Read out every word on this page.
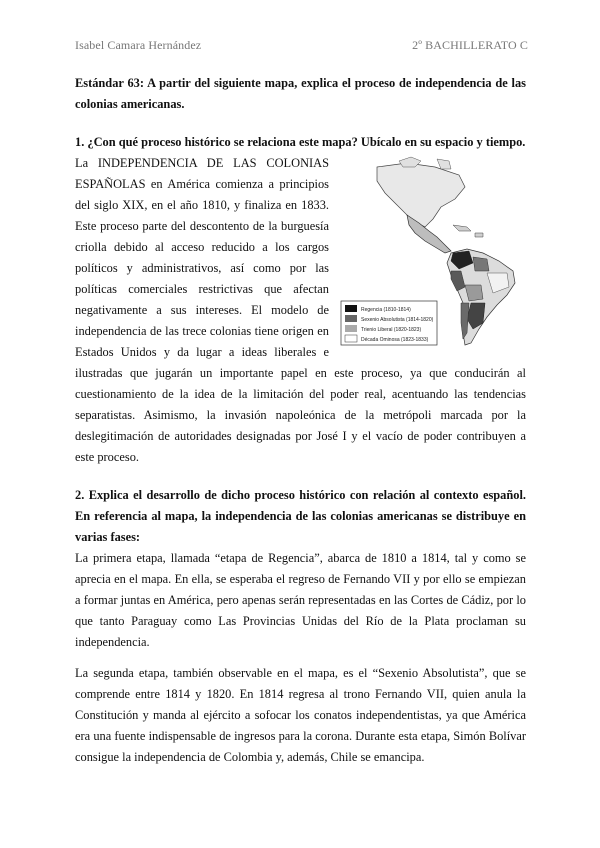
Isabel Camara Hernández	2º BACHILLERATO C

Estándar 63: A partir del siguiente mapa, explica el proceso de independencia de las colonias americanas.

1. ¿Con qué proceso histórico se relaciona este mapa? Ubícalo en su espacio y tiempo.

Regencia (1810-1814)
Sexenio Absolutista (1814-1820)
Trienio Liberal (1820-1823)
Década Ominosa (1823-1833)

La INDEPENDENCIA DE LAS COLONIAS ESPAÑOLAS en América comienza a principios del siglo XIX, en el año 1810, y finaliza en 1833. Este proceso parte del descontento de la burguesía criolla debido al acceso reducido a los cargos políticos y administrativos, así como por las políticas comerciales restrictivas que afectan negativamente a sus intereses. El modelo de independencia de las trece colonias tiene origen en Estados Unidos y da lugar a ideas liberales e ilustradas que jugarán un importante papel en este proceso, ya que conducirán al cuestionamiento de la idea de la limitación del poder real, acentuando las tendencias separatistas. Asimismo, la invasión napoleónica de la metrópoli marcada por la deslegitimación de autoridades designadas por José I y el vacío de poder contribuyen a este proceso.

2. Explica el desarrollo de dicho proceso histórico con relación al contexto español. En referencia al mapa, la independencia de las colonias americanas se distribuye en varias fases:

La primera etapa, llamada “etapa de Regencia”, abarca de 1810 a 1814, tal y como se aprecia en el mapa. En ella, se esperaba el regreso de Fernando VII y por ello se empiezan a formar juntas en América, pero apenas serán representadas en las Cortes de Cádiz, por lo que tanto Paraguay como Las Provincias Unidas del Río de la Plata proclaman su independencia.

La segunda etapa, también observable en el mapa, es el “Sexenio Absolutista”, que se comprende entre 1814 y 1820. En 1814 regresa al trono Fernando VII, quien anula la Constitución y manda al ejército a sofocar los conatos independentistas, ya que América era una fuente indispensable de ingresos para la corona. Durante esta etapa, Simón Bolívar consigue la independencia de Colombia y, además, Chile se emancipa.
